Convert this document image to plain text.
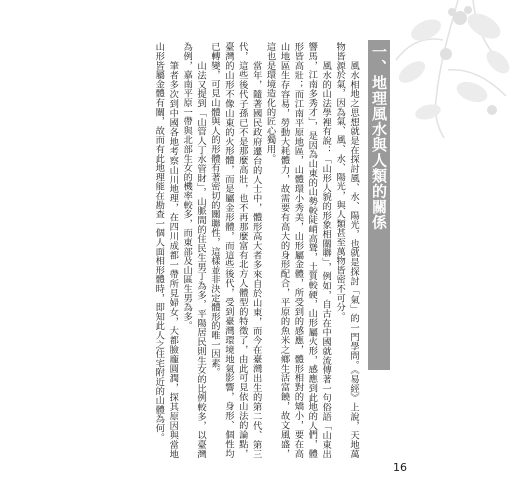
一、地理風水與人類的關係

風水相地之思想就是在探討風、水、陽光，也就是探討「氣」的一門學問。《易經》上說，天地萬物皆源於氣，因為氣、風、水、陽光，與人類甚至萬物皆密不可分。

風水的山法學裡有說：「山形人貌的形象相關聯」，例如，自古在中國就流傳著一句俗語「山東出響馬，江南多秀才」，是因為山東的山勢較陡峭高聳，土質較硬，山形屬火形，感應到此地的人們，體形皆高壯；而江南平原地區，山體環小秀美，山形屬金體，所受到的感應，體形相對的矯小，要在高山地區生存容易，勞動大耗體力，故需要有高大的身形配合，平原的魚米之鄉生活富饒，故文風盛，這也是環境造化的匠心獨用。

當年，隨著國民政府遷台的人士中，體形高大者多來自於山東，而今在臺灣出生的第二代、第三代，這些後代子孫已不是那麼高壯，也不再那麼富有北方人體型的特徵了，由此可見依山法的論點，臺灣的山形不像山東的火形體，而是屬金形體，而這些後代，受到臺灣環境地氣影響，身形、個性均已轉變，可見山體與人的形體有著密切的關聯性，這樣並非決定體形的唯一因素。

山法又提到「山管人丁水管財」，山脈間的住民生男丁為多，平陽居民則生女的比例較多，以臺灣為例，嘉南平原一帶與北部生女的機率較多，而東部及山區生男為多。

筆者多次到中國各地考察山川地理，在四川成都一帶所見婦女，大都臉龐圓潤，探其原因與當地山形皆屬金體有關，故而有此地理能在勘查一個人面相形體時，即知此人之住宅附近的山體為何。

16
